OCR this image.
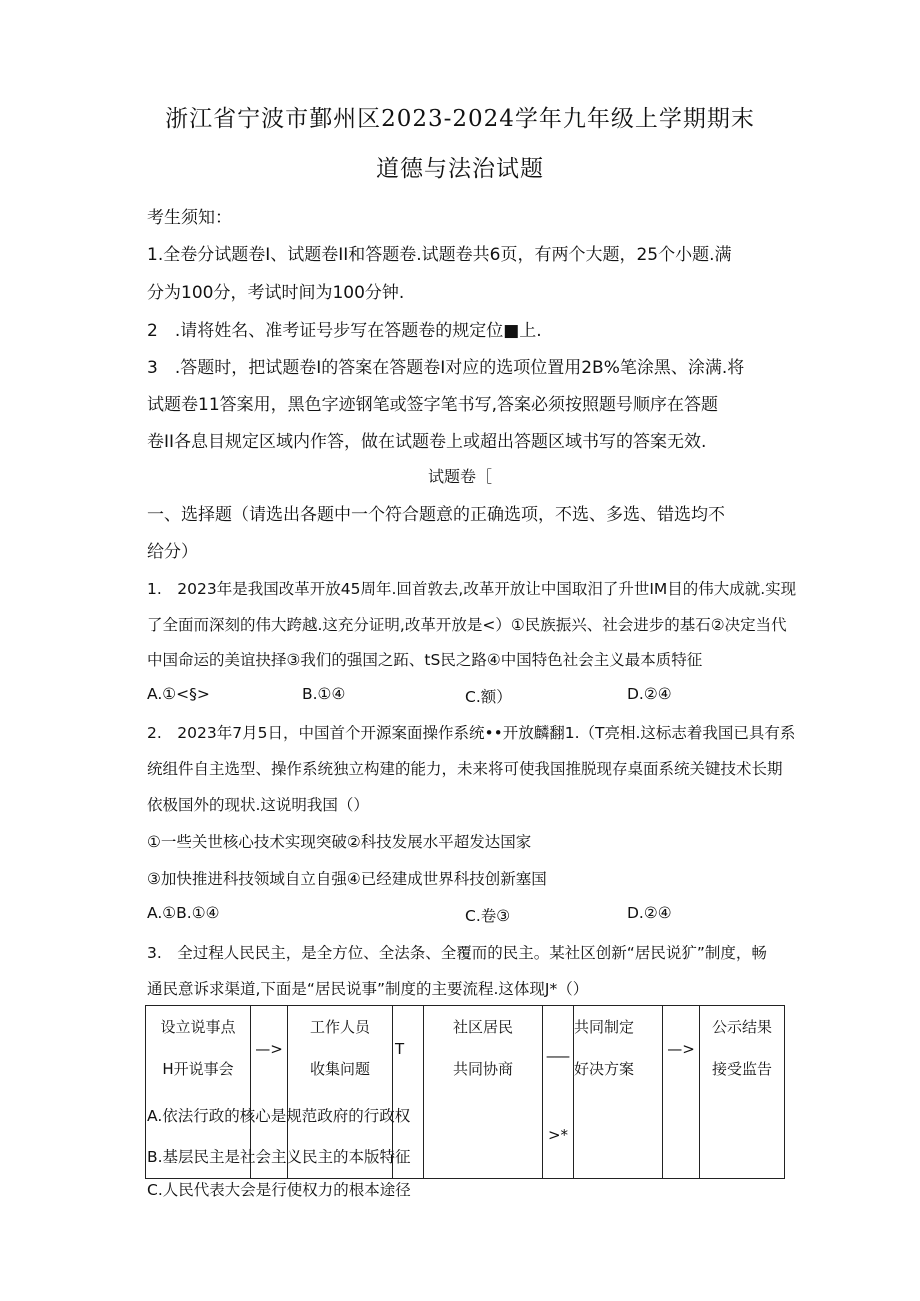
浙江省宁波市鄞州区2023-2024学年九年级上学期期末
道德与法治试题
考生须知：
1.全卷分试题卷I、试题卷II和答题卷.试题卷共6页，有两个大题，25个小题.满
分为100分，考试时间为100分钟.
2　.请将姓名、准考证号步写在答题卷的规定位■上.
3　.答题时，把试题卷I的答案在答题卷I对应的选项位置用2B%笔涂黑、涂满.将
试题卷11答案用，黑色字迹钢笔或签字笔书写,答案必须按照题号顺序在答题
卷II各息目规定区域内作答，做在试题卷上或超出答题区域书写的答案无效.
试题卷［
一、选择题（请选出各题中一个符合题意的正确选项，不选、多选、错选均不
给分）
1.　2023年是我国改革开放45周年.回首敦去,改革开放让中国取汨了升世IM目的伟大成就.实现
了全面而深刻的伟大跨越.这充分证明,改革开放是<）①民族振兴、社会进步的基石②决定当代
中国命运的美谊抉择③我们的强国之跖、tS民之路④中国特色社会主义最本质特征
A.①<§>	B.①④	C.额）	D.②④
2.　2023年7月5日，中国首个开源案面操作系统••开放麟翻1.（T亮相.这标志着我国已具有系
统组件自主选型、操作系统独立构建的能力，未来将可使我国推脱现存桌面系统关键技术长期
依极国外的现状.这说明我国（）
①一些关世核心技术实现突破②科技发展水平超发达国家
③加快推进科技领域自立自强④已经建成世界科技创新塞国
A.①B.①④	C.卷③	D.②④
3.　全过程人民民主，是全方位、全法条、全覆而的民主。某社区创新“居民说犷”制度，畅
通民意诉求渠道,下面是“居民说事”制度的主要流程.这体现J*（）
设立说事点
H开说事会

—>

工作人员
收集问题

T

社区居民
共同协商

___
>*

共同制定
好决方案

—>

公示结果
接受监告
A.依法行政的核心是规范政府的行政权
B.基层民主是社会主义民主的本版特征
C.人民代表大会是行使权力的根本途径
